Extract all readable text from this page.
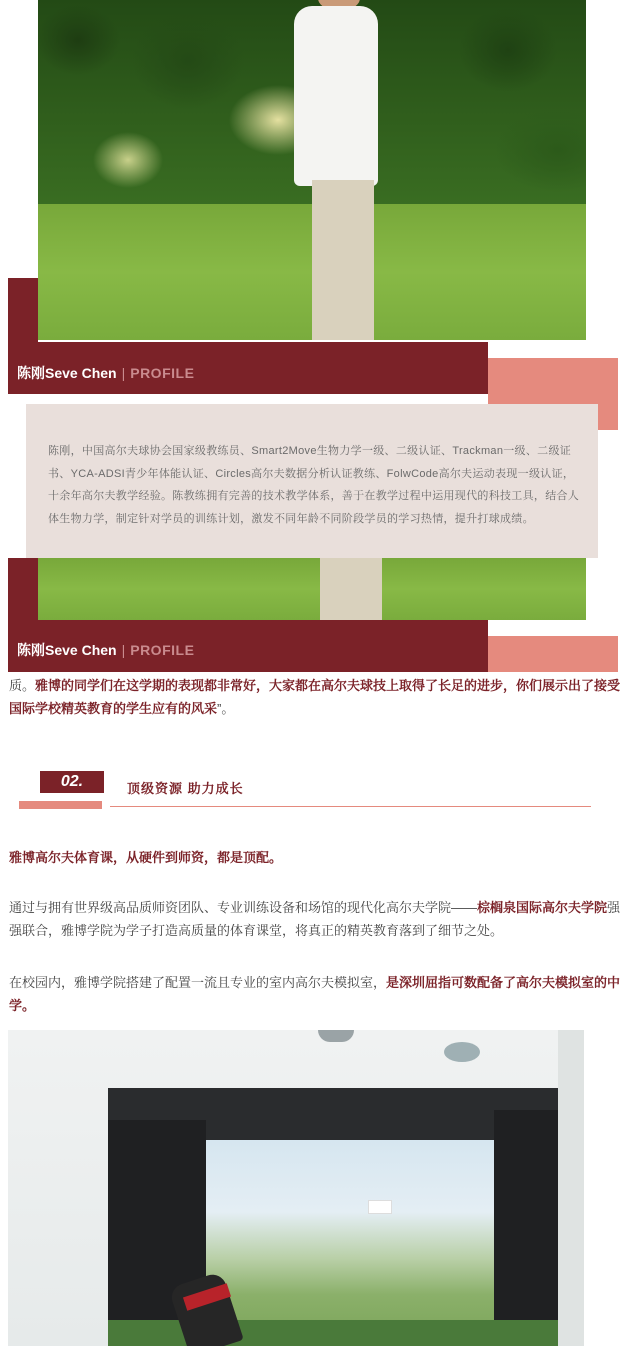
陈刚Seve Chen | PROFILE
陈刚，中国高尔夫球协会国家级教练员、Smart2Move生物力学一级、二级认证、Trackman一级、二级证书、YCA-ADSI青少年体能认证、Circles高尔夫数据分析认证教练、FolwCode高尔夫运动表现一级认证，十余年高尔夫教学经验。陈教练拥有完善的技术教学体系，善于在教学过程中运用现代的科技工具，结合人体生物力学，制定针对学员的训练计划，激发不同年龄不同阶段学员的学习热情，提升打球成绩。
陈刚Seve Chen | PROFILE
质。雅博的同学们在这学期的表现都非常好，大家都在高尔夫球技上取得了长足的进步，你们展示出了接受国际学校精英教育的学生应有的风采”。
02.	顶级资源 助力成长
雅博高尔夫体育课，从硬件到师资，都是顶配。
通过与拥有世界级高品质师资团队、专业训练设备和场馆的现代化高尔夫学院——棕榈泉国际高尔夫学院强强联合，雅博学院为学子打造高质量的体育课堂，将真正的精英教育落到了细节之处。
在校园内，雅博学院搭建了配置一流且专业的室内高尔夫模拟室，是深圳屈指可数配备了高尔夫模拟室的中学。
